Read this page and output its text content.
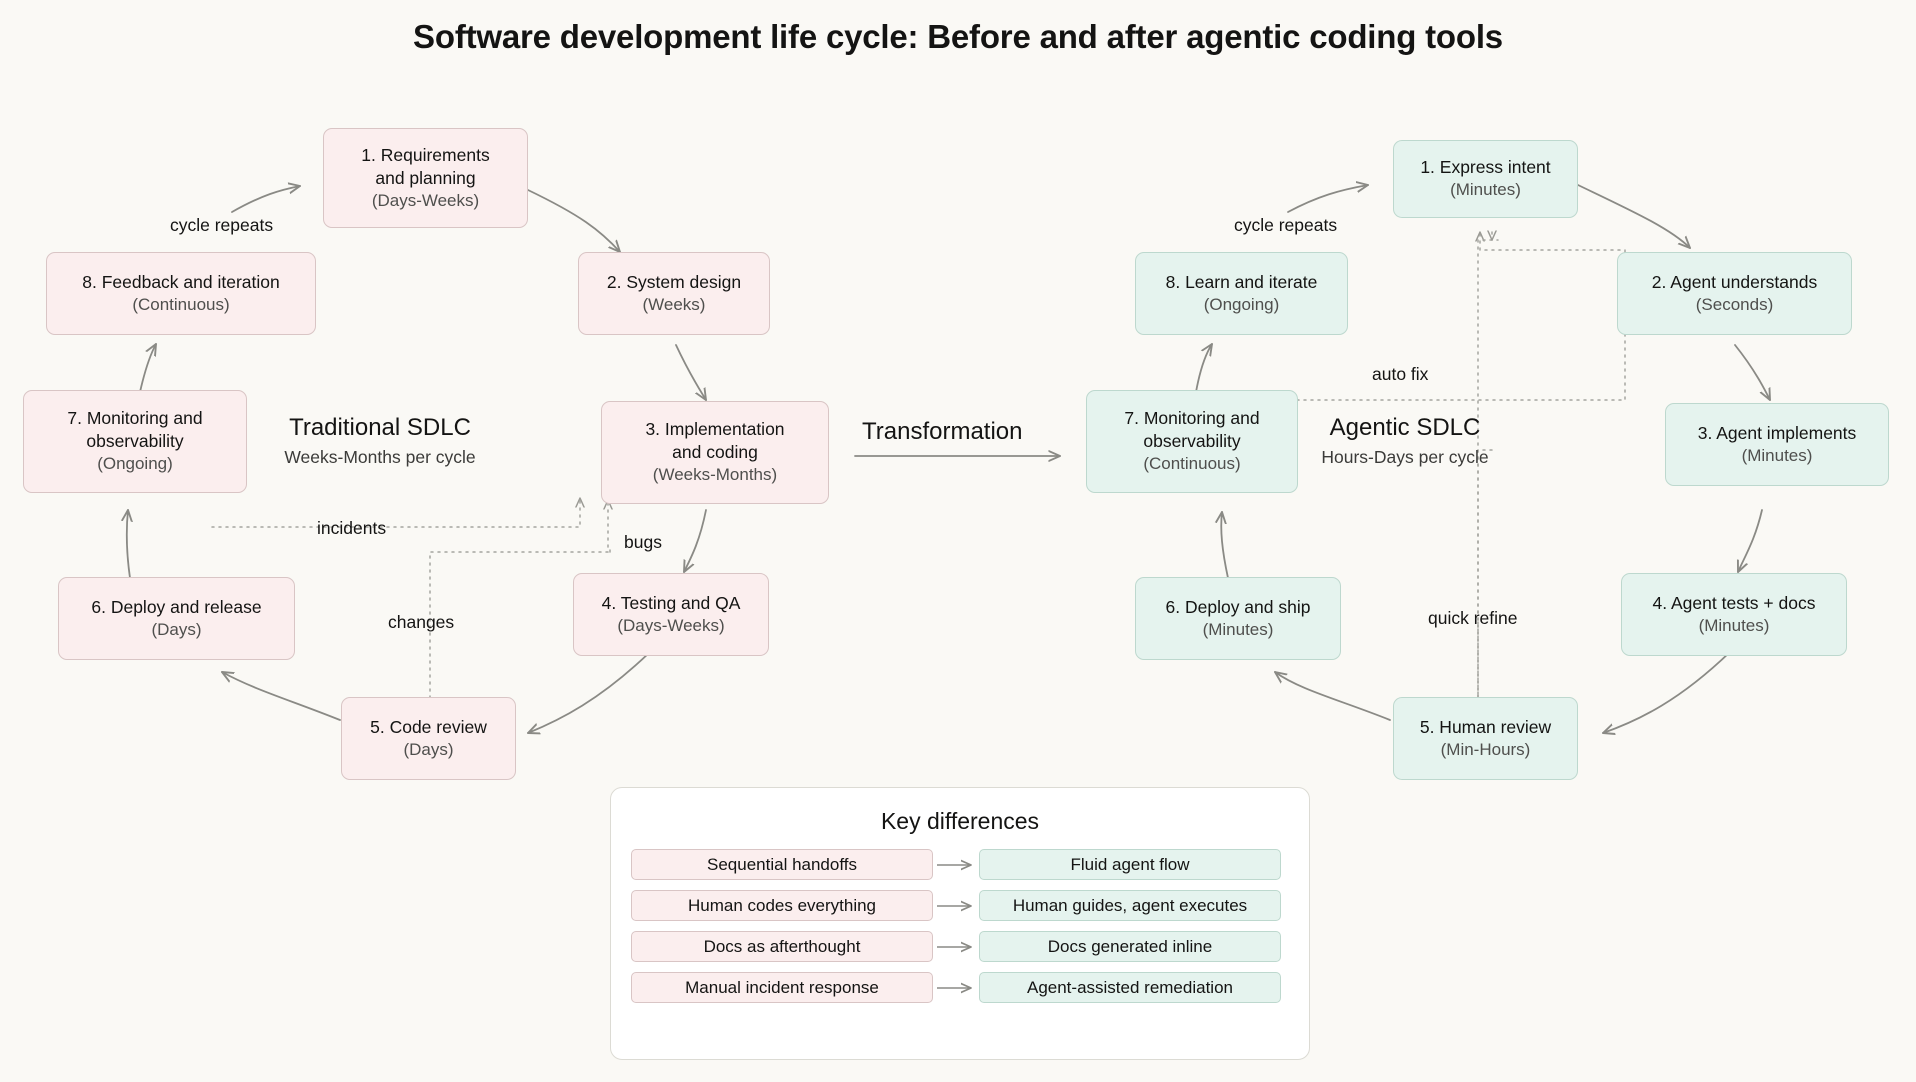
Software development life cycle: Before and after agentic coding tools
1. Requirements
and planning
(Days-Weeks)
2. System design
(Weeks)
3. Implementation
and coding
(Weeks-Months)
4. Testing and QA
(Days-Weeks)
5. Code review
(Days)
6. Deploy and release
(Days)
7. Monitoring and
observability
(Ongoing)
8. Feedback and iteration
(Continuous)
cycle repeats
incidents
bugs
changes
Traditional SDLC
Weeks-Months per cycle
Transformation
1. Express intent
(Minutes)
2. Agent understands
(Seconds)
3. Agent implements
(Minutes)
4. Agent tests + docs
(Minutes)
5. Human review
(Min-Hours)
6. Deploy and ship
(Minutes)
7. Monitoring and
observability
(Continuous)
8. Learn and iterate
(Ongoing)
cycle repeats
auto fix
quick refine
Agentic SDLC
Hours-Days per cycle
Key differences
Sequential handoffs	Fluid agent flow
Human codes everything	Human guides, agent executes
Docs as afterthought	Docs generated inline
Manual incident response	Agent-assisted remediation
